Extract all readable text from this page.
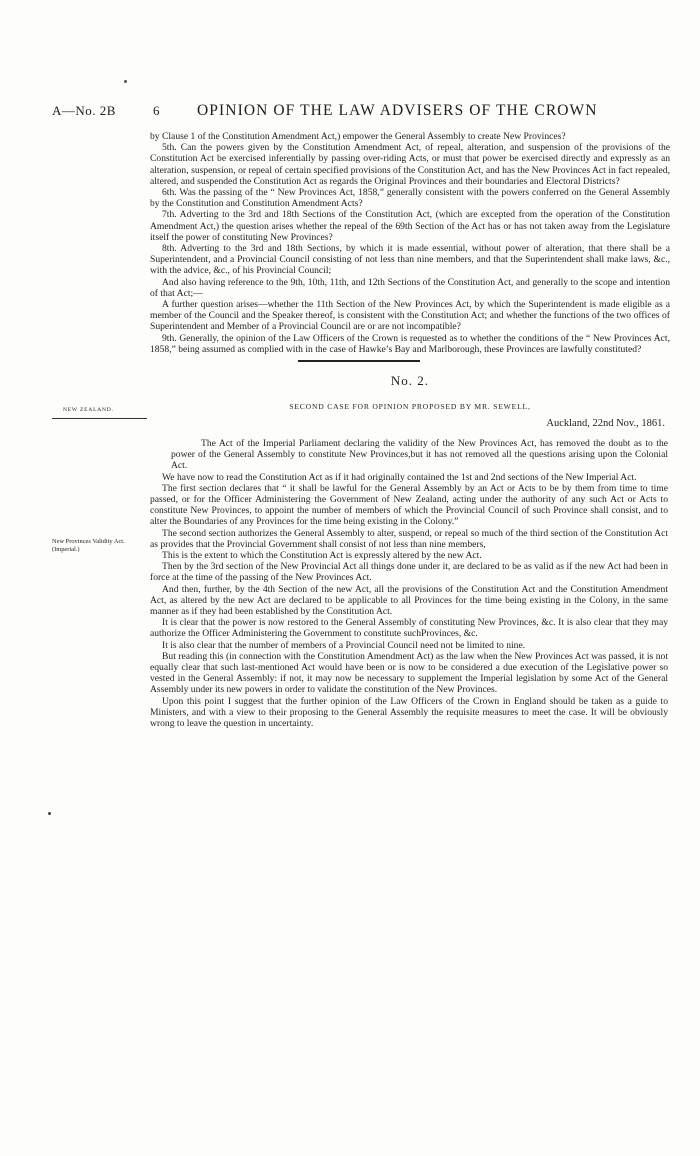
A—No. 2B	6 OPINION OF THE LAW ADVISERS OF THE CROWN

by Clause 1 of the Constitution Amendment Act,) empower the General Assembly to create New Provinces?

5th. Can the powers given by the Constitution Amendment Act, of repeal, alteration, and suspension of the provisions of the Constitution Act be exercised inferentially by passing over-riding Acts, or must that power be exercised directly and expressly as an alteration, suspension, or repeal of certain specified provisions of the Constitution Act, and has the New Provinces Act in fact repealed, altered, and suspended the Constitution Act as regards the Original Provinces and their boundaries and Electoral Districts?

6th. Was the passing of the “ New Provinces Act, 1858,” generally consistent with the powers conferred on the General Assembly by the Constitution and Constitution Amendment Acts?

7th. Adverting to the 3rd and 18th Sections of the Constitution Act, (which are excepted from the operation of the Constitution Amendment Act,) the question arises whether the repeal of the 69th Section of the Act has or has not taken away from the Legislature itself the power of constituting New Provinces?

8th. Adverting to the 3rd and 18th Sections, by which it is made essential, without power of alteration, that there shall be a Superintendent, and a Provincial Council consisting of not less than nine members, and that the Superintendent shall make laws, &c., with the advice, &c., of his Provincial Council;

And also having reference to the 9th, 10th, 11th, and 12th Sections of the Constitution Act, and generally to the scope and intention of that Act;—

A further question arises—whether the 11th Section of the New Provinces Act, by which the Superintendent is made eligible as a member of the Council and the Speaker thereof, is consistent with the Constitution Act; and whether the functions of the two offices of Superintendent and Member of a Provincial Council are or are not incompatible?

9th. Generally, the opinion of the Law Officers of the Crown is requested as to whether the conditions of the “ New Provinces Act, 1858,” being assumed as complied with in the case of Hawke’s Bay and Marlborough, these Provinces are lawfully constituted?

No. 2.
SECOND CASE FOR OPINION PROPOSED BY MR. SEWELL,
NEW ZEALAND.
Auckland, 22nd Nov., 1861.
New Provinces Validity Act. (Imperial.)

The Act of the Imperial Parliament declaring the validity of the New Provinces Act, has removed the doubt as to the power of the General Assembly to constitute New Provinces,but it has not removed all the questions arising upon the Colonial Act.

We have now to read the Constitution Act as if it had originally contained the 1st and 2nd sections of the New Imperial Act.

The first section declares that “ it shall be lawful for the General Assembly by an Act or Acts to be by them from time to time passed, or for the Officer Administering the Government of New Zealand, acting under the authority of any such Act or Acts to constitute New Provinces, to appoint the number of members of which the Provincial Council of such Province shall consist, and to alter the Boundaries of any Provinces for the time being existing in the Colony.”

The second section authorizes the General Assembly to alter, suspend, or repeal so much of the third section of the Constitution Act as provides that the Provincial Government shall consist of not less than nine members,

This is the extent to which the Constitution Act is expressly altered by the new Act.

Then by the 3rd section of the New Provincial Act all things done under it, are declared to be as valid as if the new Act had been in force at the time of the passing of the New Provinces Act.

And then, further, by the 4th Section of the new Act, all the provisions of the Constitution Act and the Constitution Amendment Act, as altered by the new Act are declared to be applicable to all Provinces for the time being existing in the Colony, in the same manner as if they had been established by the Constitution Act.

It is clear that the power is now restored to the General Assembly of constituting New Provinces, &c. It is also clear that they may authorize the Officer Administering the Government to constitute suchProvinces, &c.

It is also clear that the number of members of a Provincial Council need not be limited to nine.

But reading this (in connection with the Constitution Amendment Act) as the law when the New Provinces Act was passed, it is not equally clear that such last-mentioned Act would have been or is now to be considered a due execution of the Legislative power so vested in the General Assembly: if not, it may now be necessary to supplement the Imperial legislation by some Act of the General Assembly under its new powers in order to validate the constitution of the New Provinces.

Upon this point I suggest that the further opinion of the Law Officers of the Crown in England should be taken as a guide to Ministers, and with a view to their proposing to the General Assembly the requisite measures to meet the case. It will be obviously wrong to leave the question in uncertainty.
